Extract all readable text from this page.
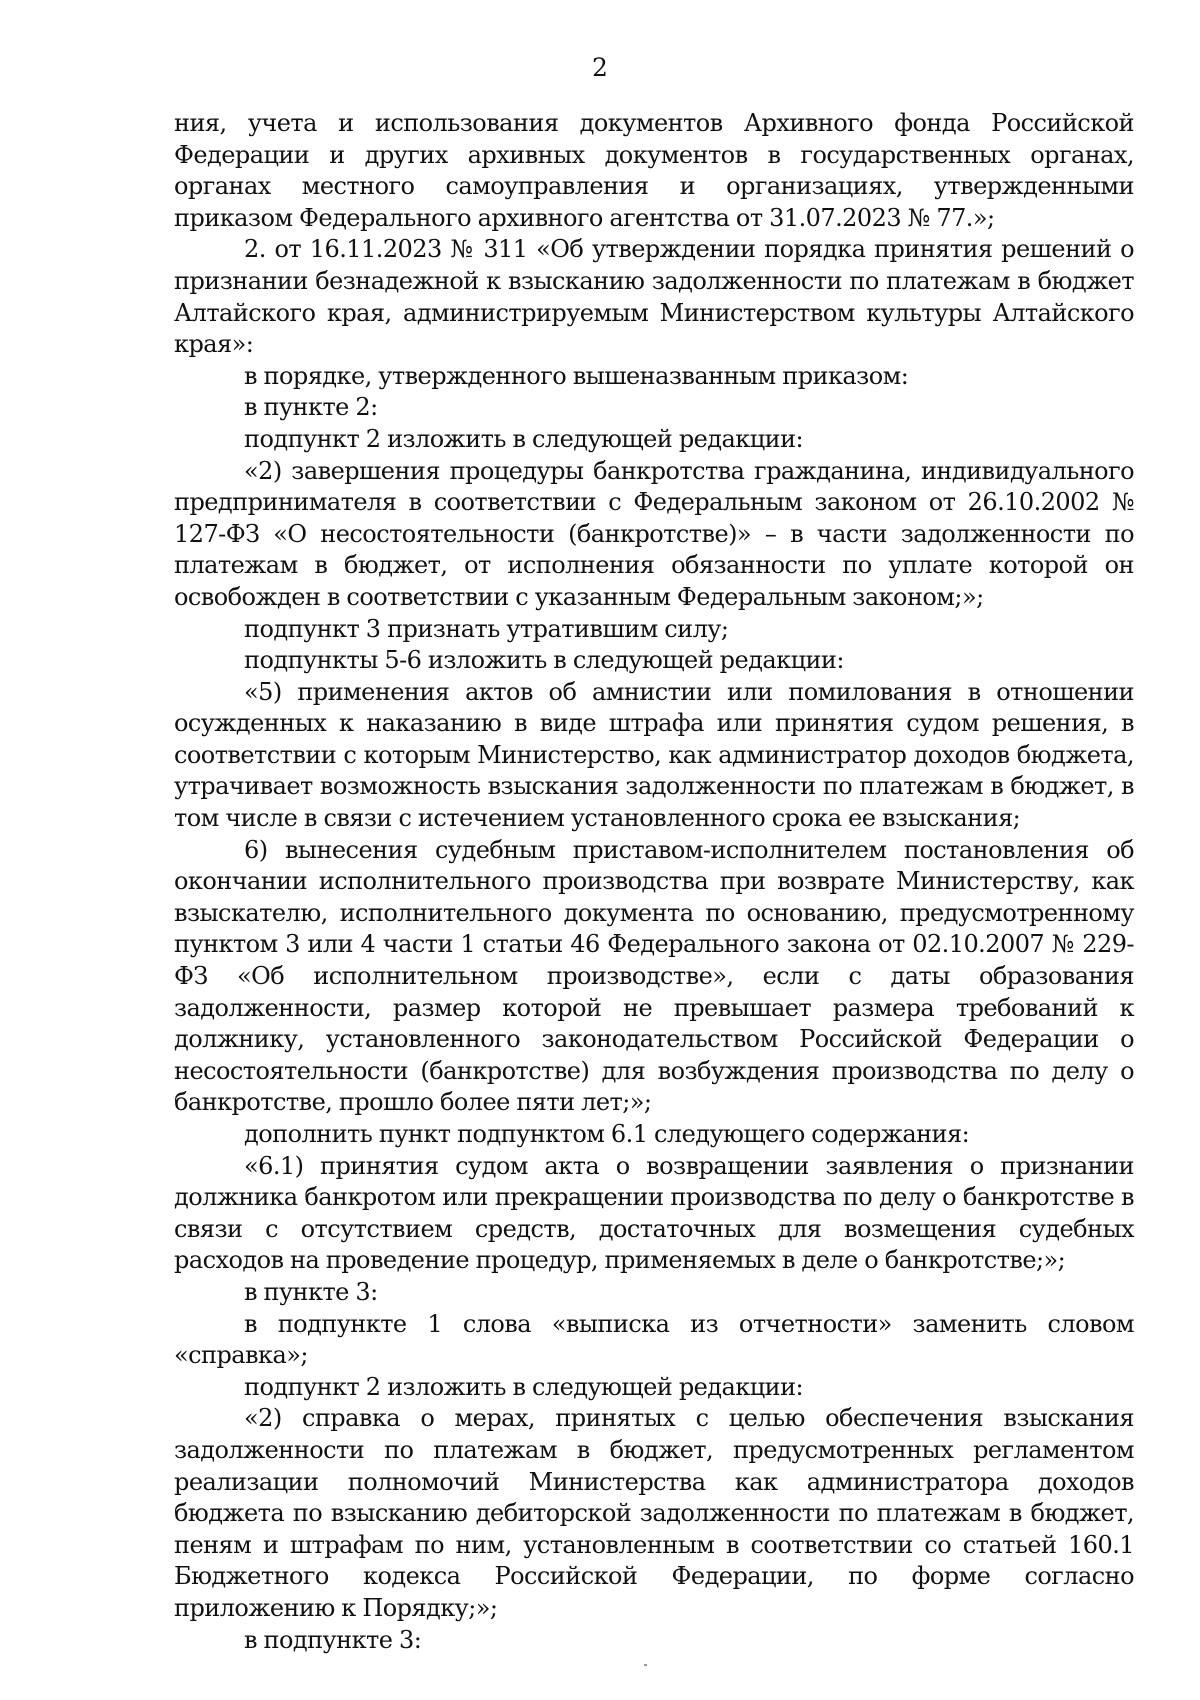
2

ния, учета и использования документов Архивного фонда Российской Федерации и других архивных документов в государственных органах, органах местного самоуправления и организациях, утвержденными приказом Федерального архивного агентства от 31.07.2023 № 77.»;

2. от 16.11.2023 № 311 «Об утверждении порядка принятия решений о признании безнадежной к взысканию задолженности по платежам в бюджет Алтайского края, администрируемым Министерством культуры Алтайского края»:

в порядке, утвержденного вышеназванным приказом:

в пункте 2:

подпункт 2 изложить в следующей редакции:

«2) завершения процедуры банкротства гражданина, индивидуального предпринимателя в соответствии с Федеральным законом от 26.10.2002 № 127-ФЗ «О несостоятельности (банкротстве)» – в части задолженности по платежам в бюджет, от исполнения обязанности по уплате которой он освобожден в соответствии с указанным Федеральным законом;»;

подпункт 3 признать утратившим силу;

подпункты 5-6 изложить в следующей редакции:

«5) применения актов об амнистии или помилования в отношении осужденных к наказанию в виде штрафа или принятия судом решения, в соответствии с которым Министерство, как администратор доходов бюджета, утрачивает возможность взыскания задолженности по платежам в бюджет, в том числе в связи с истечением установленного срока ее взыскания;

6) вынесения судебным приставом-исполнителем постановления об окончании исполнительного производства при возврате Министерству, как взыскателю, исполнительного документа по основанию, предусмотренному пунктом 3 или 4 части 1 статьи 46 Федерального закона от 02.10.2007 № 229-ФЗ «Об исполнительном производстве», если с даты образования задолженности, размер которой не превышает размера требований к должнику, установленного законодательством Российской Федерации о несостоятельности (банкротстве) для возбуждения производства по делу о банкротстве, прошло более пяти лет;»;

дополнить пункт подпунктом 6.1 следующего содержания:

«6.1) принятия судом акта о возвращении заявления о признании должника банкротом или прекращении производства по делу о банкротстве в связи с отсутствием средств, достаточных для возмещения судебных расходов на проведение процедур, применяемых в деле о банкротстве;»;

в пункте 3:

в подпункте 1 слова «выписка из отчетности» заменить словом «справка»;

подпункт 2 изложить в следующей редакции:

«2) справка о мерах, принятых с целью обеспечения взыскания задолженности по платежам в бюджет, предусмотренных регламентом реализации полномочий Министерства как администратора доходов бюджета по взысканию дебиторской задолженности по платежам в бюджет, пеням и штрафам по ним, установленным в соответствии со статьей 160.1 Бюджетного кодекса Российской Федерации, по форме согласно приложению к Порядку;»;

в подпункте 3:
